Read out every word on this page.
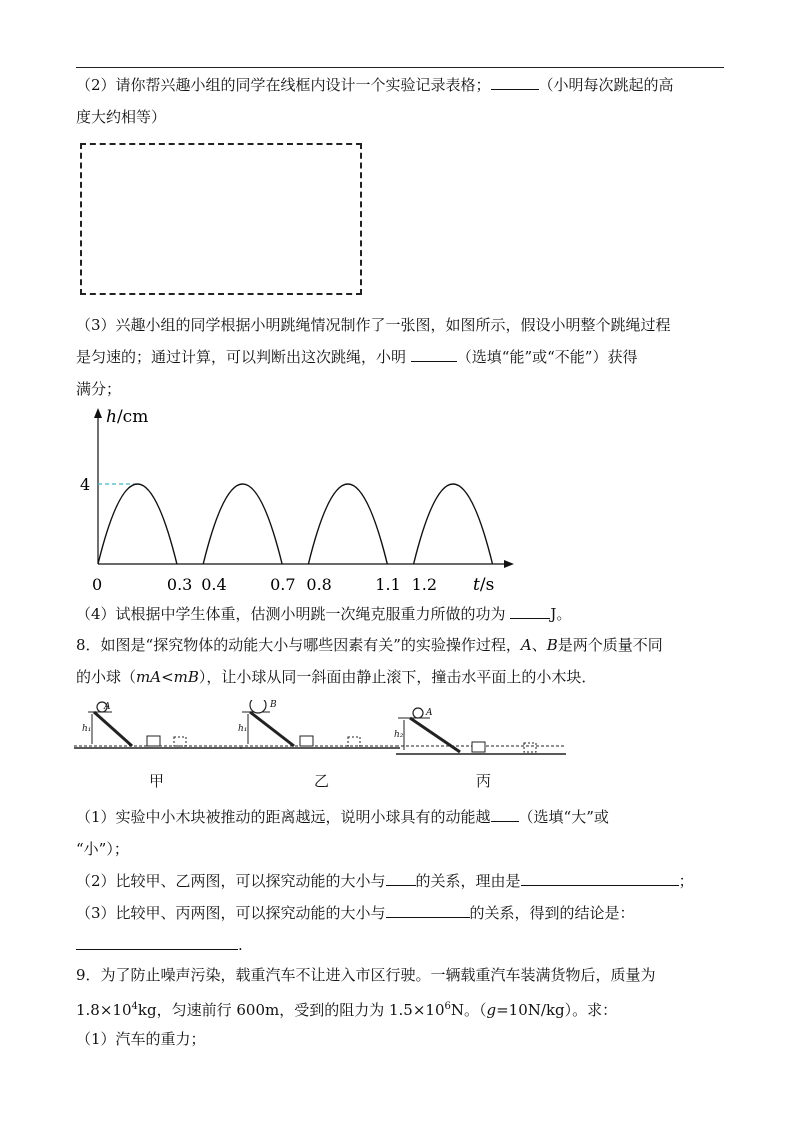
（2）请你帮兴趣小组的同学在线框内设计一个实验记录表格；	（小明每次跳起的高
度大约相等）
（3）兴趣小组的同学根据小明跳绳情况制作了一张图，如图所示，假设小明整个跳绳过程
是匀速的；通过计算，可以判断出这次跳绳，小明	（选填“能”或“不能”）获得
满分；
h/cm
t/s
4
0	0.3 0.4	0.7 0.8	1.1 1.2
（4）试根据中学生体重，估测小明跳一次绳克服重力所做的功为	J。
8．如图是“探究物体的动能大小与哪些因素有关”的实验操作过程，A、B是两个质量不同
的小球（mA<mB），让小球从同一斜面由静止滚下，撞击水平面上的小木块．
A
h₁
B
h₁
A
h₂
甲	乙	丙
（1）实验中小木块被推动的距离越远，说明小球具有的动能越 （选填“大”或
“小”）；
（2）比较甲、乙两图，可以探究动能的大小与 的关系，理由是	；
（3）比较甲、丙两图，可以探究动能的大小与	的关系，得到的结论是：
.
9．为了防止噪声污染，载重汽车不让进入市区行驶。一辆载重汽车装满货物后，质量为
$1.8\times 10^4kg$，匀速前行 600m，受到的阻力为 $1.5\times 10^6N$。（g=10N/kg）。求：
（1）汽车的重力；
